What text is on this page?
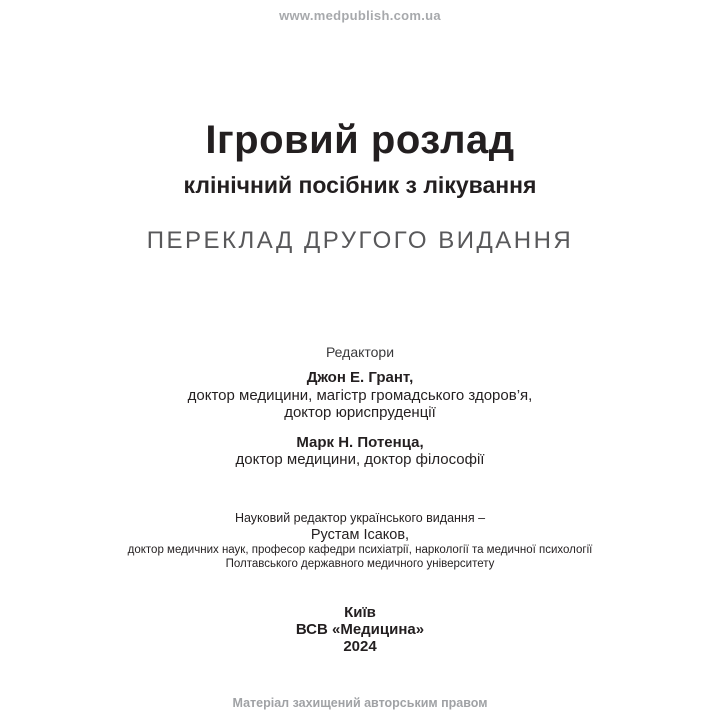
www.medpublish.com.ua
Ігровий розлад
клінічний посібник з лікування
ПЕРЕКЛАД ДРУГОГО ВИДАННЯ
Редактори
Джон Е. Грант,
доктор медицини, магістр громадського здоров’я,
доктор юриспруденції
Марк Н. Потенца,
доктор медицини, доктор філософії
Науковий редактор українського видання –
Рустам Ісаков,
доктор медичних наук, професор кафедри психіатрії, наркології та медичної психології
Полтавського державного медичного університету
Київ
ВСВ «Медицина»
2024
Матеріал захищений авторським правом
